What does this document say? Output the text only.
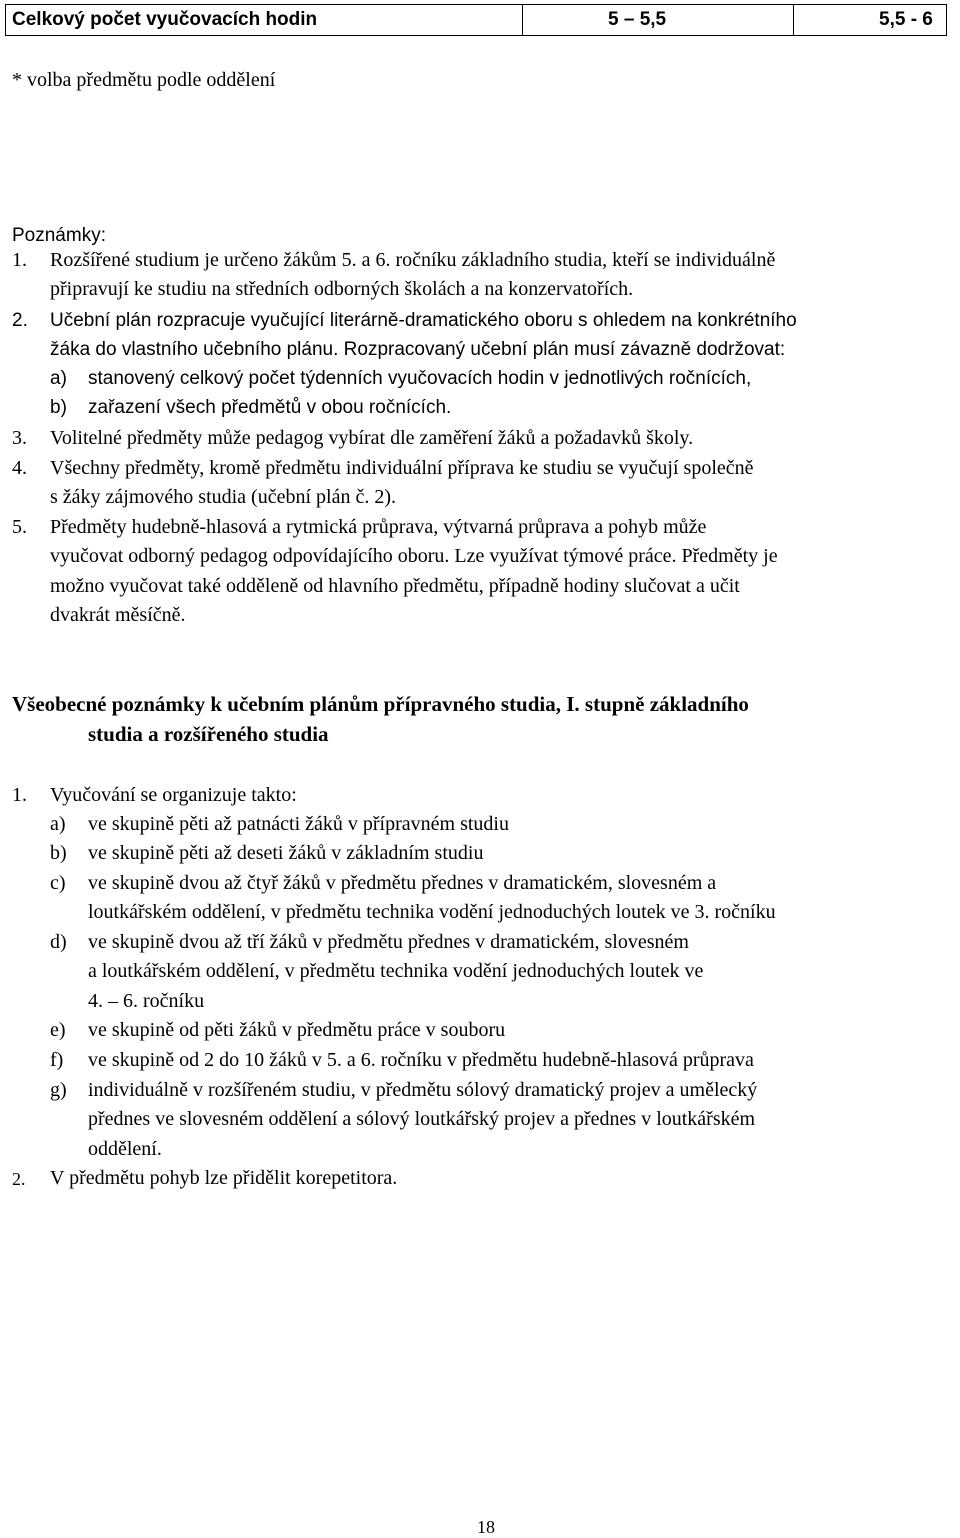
Celkový počet vyučovacích hodin	5 – 5,5	5,5 - 6
* volba předmětu podle oddělení
Poznámky:
1. Rozšířené studium je určeno žákům 5. a 6. ročníku základního studia, kteří se individuálně
připravují ke studiu na středních odborných školách a na konzervatořích.
2. Učební plán rozpracuje vyučující literárně-dramatického oboru s ohledem na konkrétního
žáka do vlastního učebního plánu. Rozpracovaný učební plán musí závazně dodržovat:
a) stanovený celkový počet týdenních vyučovacích hodin v jednotlivých ročnících,
b) zařazení všech předmětů v obou ročnících.
3. Volitelné předměty může pedagog vybírat dle zaměření žáků a požadavků školy.
4. Všechny předměty, kromě předmětu individuální příprava ke studiu se vyučují společně
s žáky zájmového studia (učební plán č. 2).
5. Předměty hudebně-hlasová a rytmická průprava, výtvarná průprava a pohyb může
vyučovat odborný pedagog odpovídajícího oboru. Lze využívat týmové práce. Předměty je
možno vyučovat také odděleně od hlavního předmětu, případně hodiny slučovat a učit
dvakrát měsíčně.
Všeobecné poznámky k učebním plánům přípravného studia, I. stupně základního
studia a rozšířeného studia
1. Vyučování se organizuje takto:
a) ve skupině pěti až patnácti žáků v přípravném studiu
b) ve skupině pěti až deseti žáků v základním studiu
c) ve skupině dvou až čtyř žáků v předmětu přednes v dramatickém, slovesném a
loutkářském oddělení, v předmětu technika vodění jednoduchých loutek ve 3. ročníku
d) ve skupině dvou až tří žáků v předmětu přednes v dramatickém, slovesném
a loutkářském oddělení, v předmětu technika vodění jednoduchých loutek ve
4. – 6. ročníku
e) ve skupině od pěti žáků v předmětu práce v souboru
f) ve skupině od 2 do 10 žáků v 5. a 6. ročníku v předmětu hudebně-hlasová průprava
g) individuálně v rozšířeném studiu, v předmětu sólový dramatický projev a umělecký
přednes ve slovesném oddělení a sólový loutkářský projev a přednes v loutkářském
oddělení.
2. V předmětu pohyb lze přidělit korepetitora.
18
